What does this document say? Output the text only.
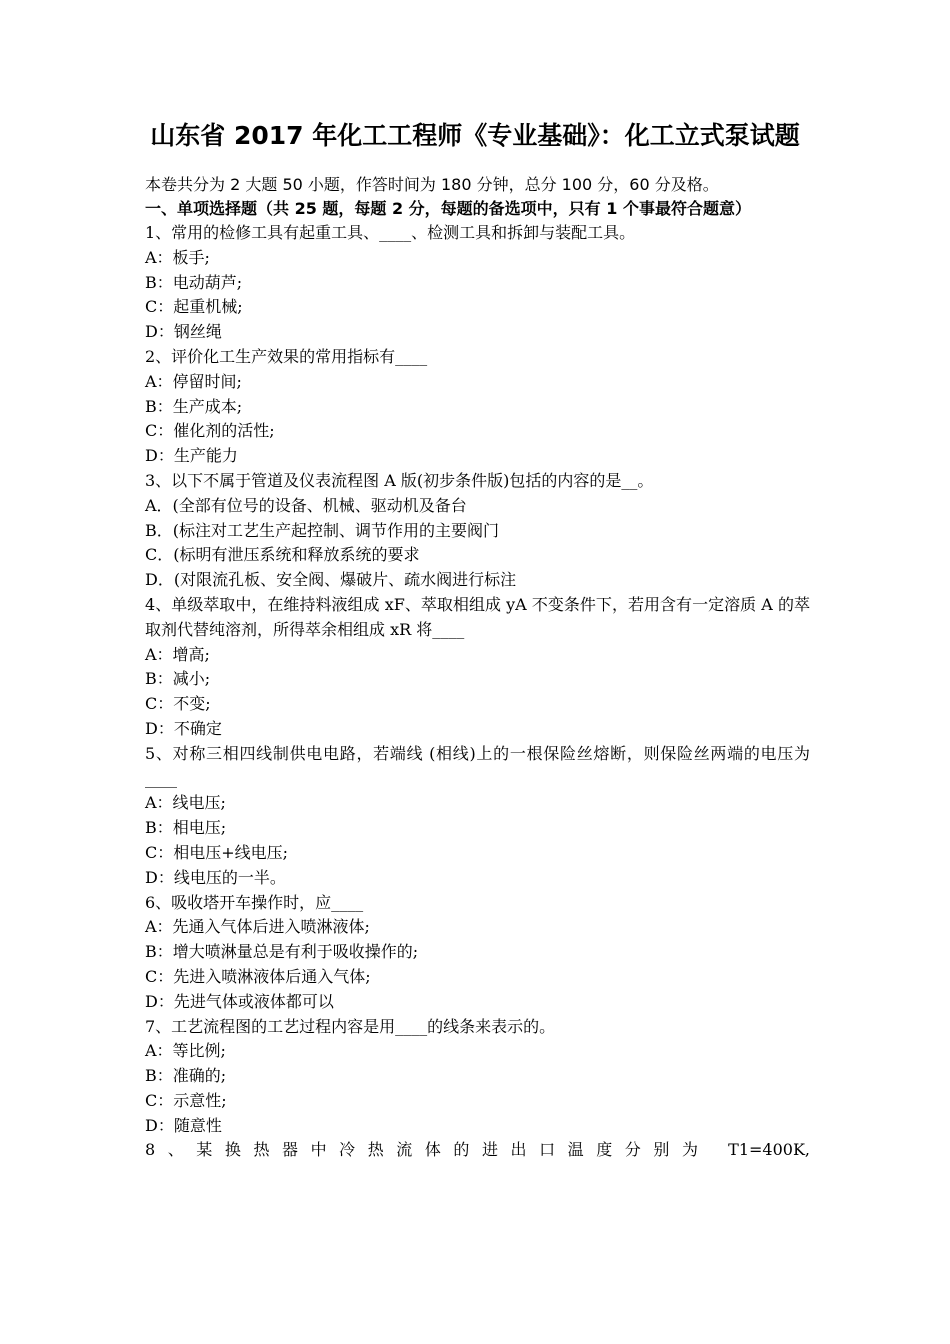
山东省 2017 年化工工程师《专业基础》：化工立式泵试题

本卷共分为 2 大题 50 小题，作答时间为 180 分钟，总分 100 分，60 分及格。

一、单项选择题（共 25 题，每题 2 分，每题的备选项中，只有 1 个事最符合题意）

1、常用的检修工具有起重工具、____、检测工具和拆卸与装配工具。

A：板手;

B：电动葫芦;

C：起重机械;

D：钢丝绳

2、评价化工生产效果的常用指标有____

A：停留时间;

B：生产成本;

C：催化剂的活性;

D：生产能力

3、以下不属于管道及仪表流程图 A 版(初步条件版)包括的内容的是__。

A．(全部有位号的设备、机械、驱动机及备台

B．(标注对工艺生产起控制、调节作用的主要阀门

C．(标明有泄压系统和释放系统的要求

D．(对限流孔板、安全阀、爆破片、疏水阀进行标注

4、单级萃取中，在维持料液组成 xF、萃取相组成 yA 不变条件下，若用含有一定溶质 A 的萃取剂代替纯溶剂，所得萃余相组成 xR 将____

A：增高;

B：减小;

C：不变;

D：不确定

5、对称三相四线制供电电路，若端线 (相线)上的一根保险丝熔断，则保险丝两端的电压为____

A：线电压;

B：相电压;

C：相电压+线电压;

D：线电压的一半。

6、吸收塔开车操作时，应____

A：先通入气体后进入喷淋液体;

B：增大喷淋量总是有利于吸收操作的;

C：先进入喷淋液体后通入气体;

D：先进气体或液体都可以

7、工艺流程图的工艺过程内容是用____的线条来表示的。

A：等比例;

B：准确的;

C：示意性;

D：随意性

8、某换热器中冷热流体的进出口温度分别为 T1=400K,
